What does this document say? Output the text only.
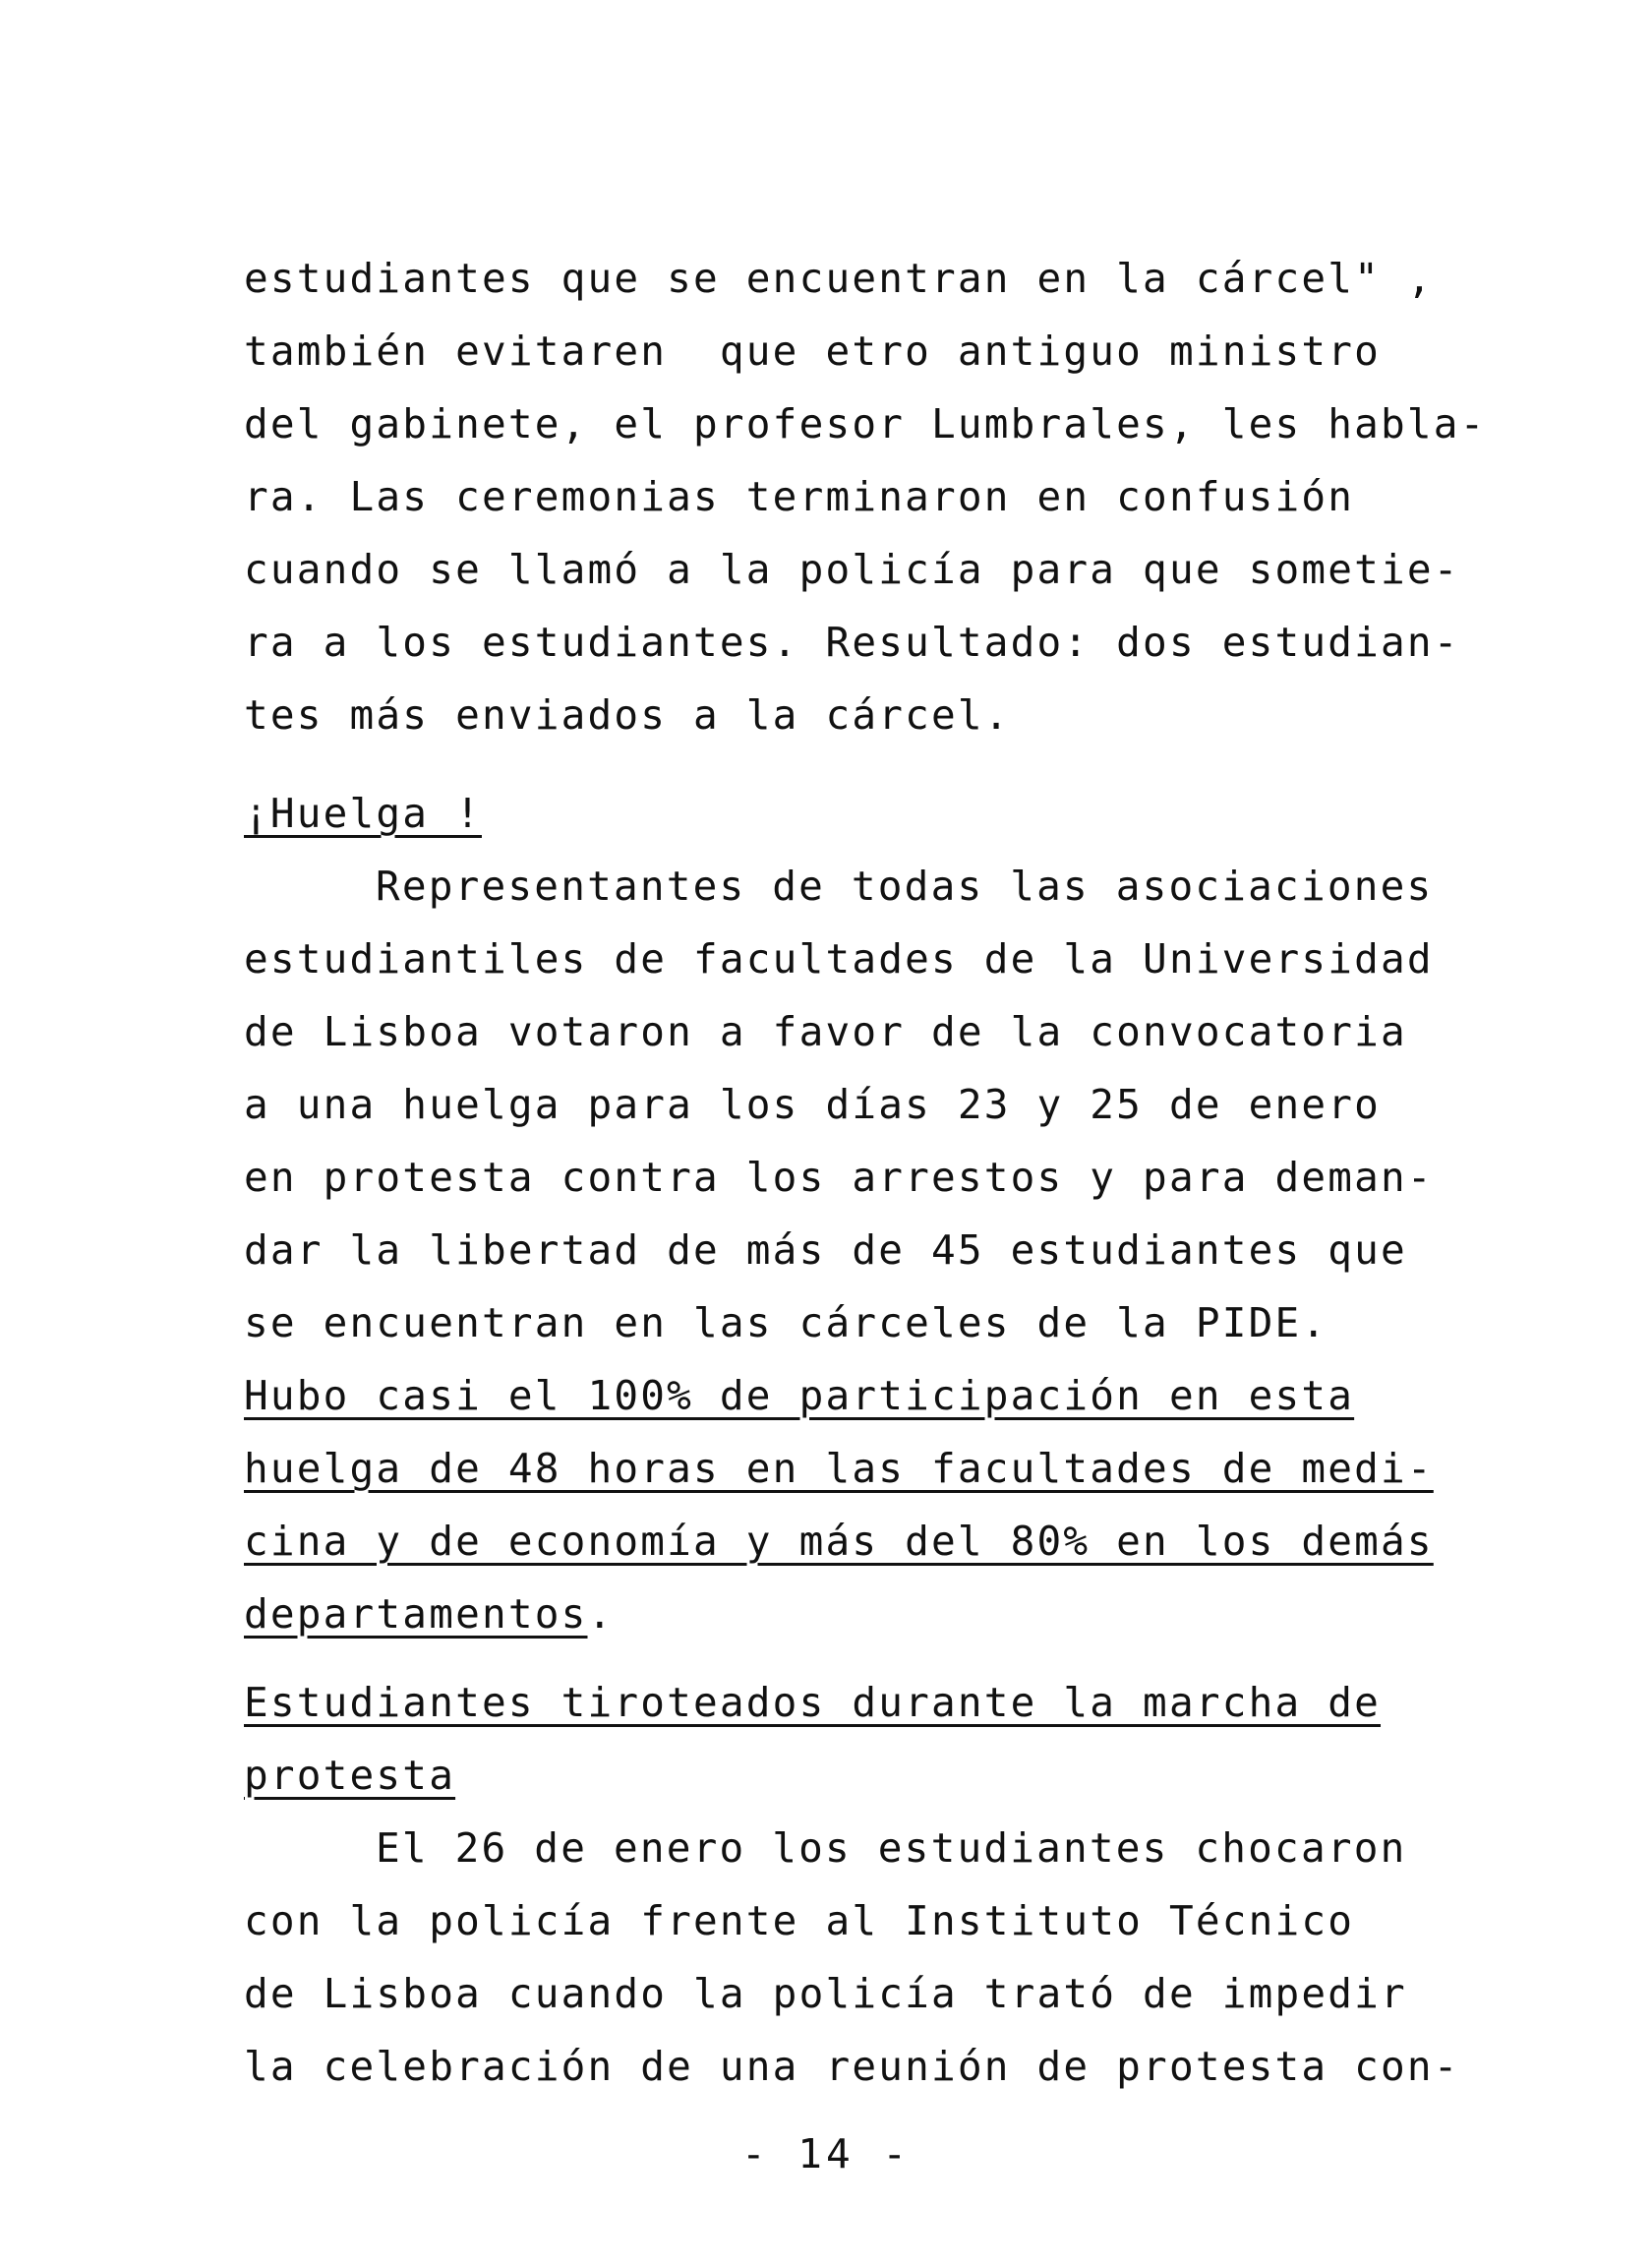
estudiantes que se encuentran en la cárcel" ,
también evitaren  que etro antiguo ministro
del gabinete, el profesor Lumbrales, les habla-
ra. Las ceremonias terminaron en confusión
cuando se llamó a la policía para que sometie-
ra a los estudiantes. Resultado: dos estudian-
tes más enviados a la cárcel.
¡Huelga !
Representantes de todas las asociaciones
estudiantiles de facultades de la Universidad
de Lisboa votaron a favor de la convocatoria
a una huelga para los días 23 y 25 de enero
en protesta contra los arrestos y para deman-
dar la libertad de más de 45 estudiantes que
se encuentran en las cárceles de la PIDE.
Hubo casi el 100% de participación en esta
huelga de 48 horas en las facultades de medi-
cina y de economía y más del 80% en los demás
departamentos.
Estudiantes tiroteados durante la marcha de
protesta
El 26 de enero los estudiantes chocaron
con la policía frente al Instituto Técnico
de Lisboa cuando la policía trató de impedir
la celebración de una reunión de protesta con-
- 14 -
